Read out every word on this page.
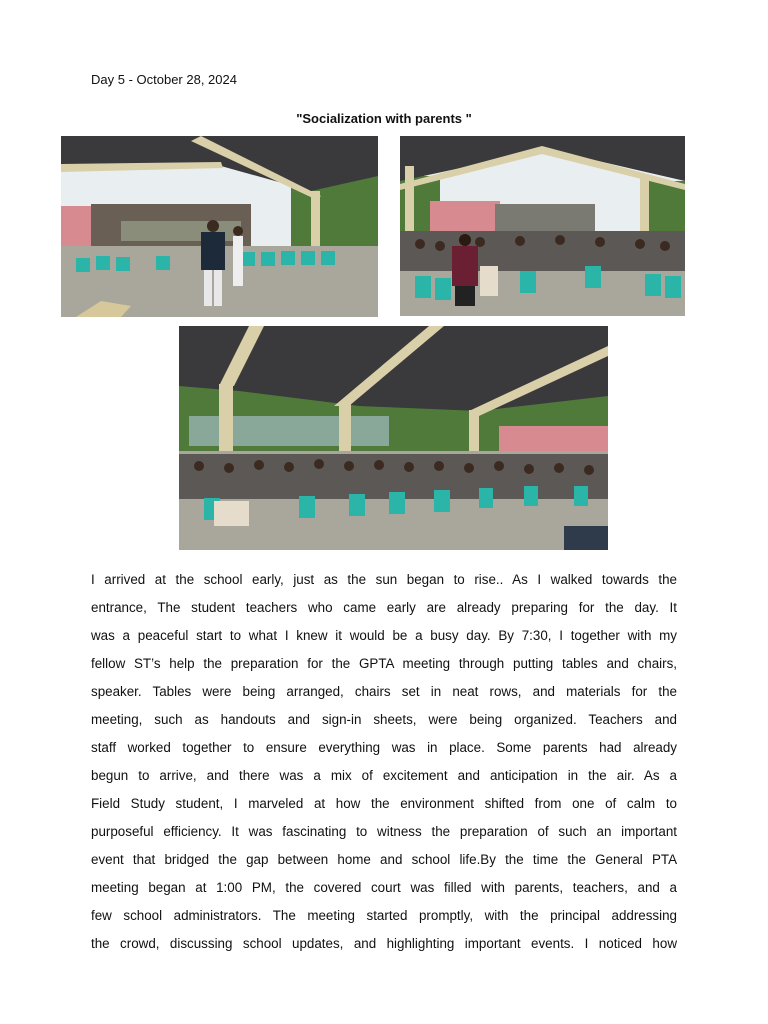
Day 5 - October 28, 2024
"Socialization with parents "
I arrived at the school early, just as the sun began to rise.. As I walked towards the
entrance, The student teachers who came early are already preparing for the day. It
was a peaceful start to what I knew it would be a busy day. By 7:30, I together with my
fellow ST’s help the preparation for the GPTA meeting through putting tables and chairs,
speaker. Tables were being arranged, chairs set in neat rows, and materials for the
meeting, such as handouts and sign-in sheets, were being organized. Teachers and
staff worked together to ensure everything was in place. Some parents had already
begun to arrive, and there was a mix of excitement and anticipation in the air. As a
Field Study student, I marveled at how the environment shifted from one of calm to
purposeful efficiency. It was fascinating to witness the preparation of such an important
event that bridged the gap between home and school life.By the time the General PTA
meeting began at 1:00 PM, the covered court was filled with parents, teachers, and a
few school administrators. The meeting started promptly, with the principal addressing
the crowd, discussing school updates, and highlighting important events. I noticed how
